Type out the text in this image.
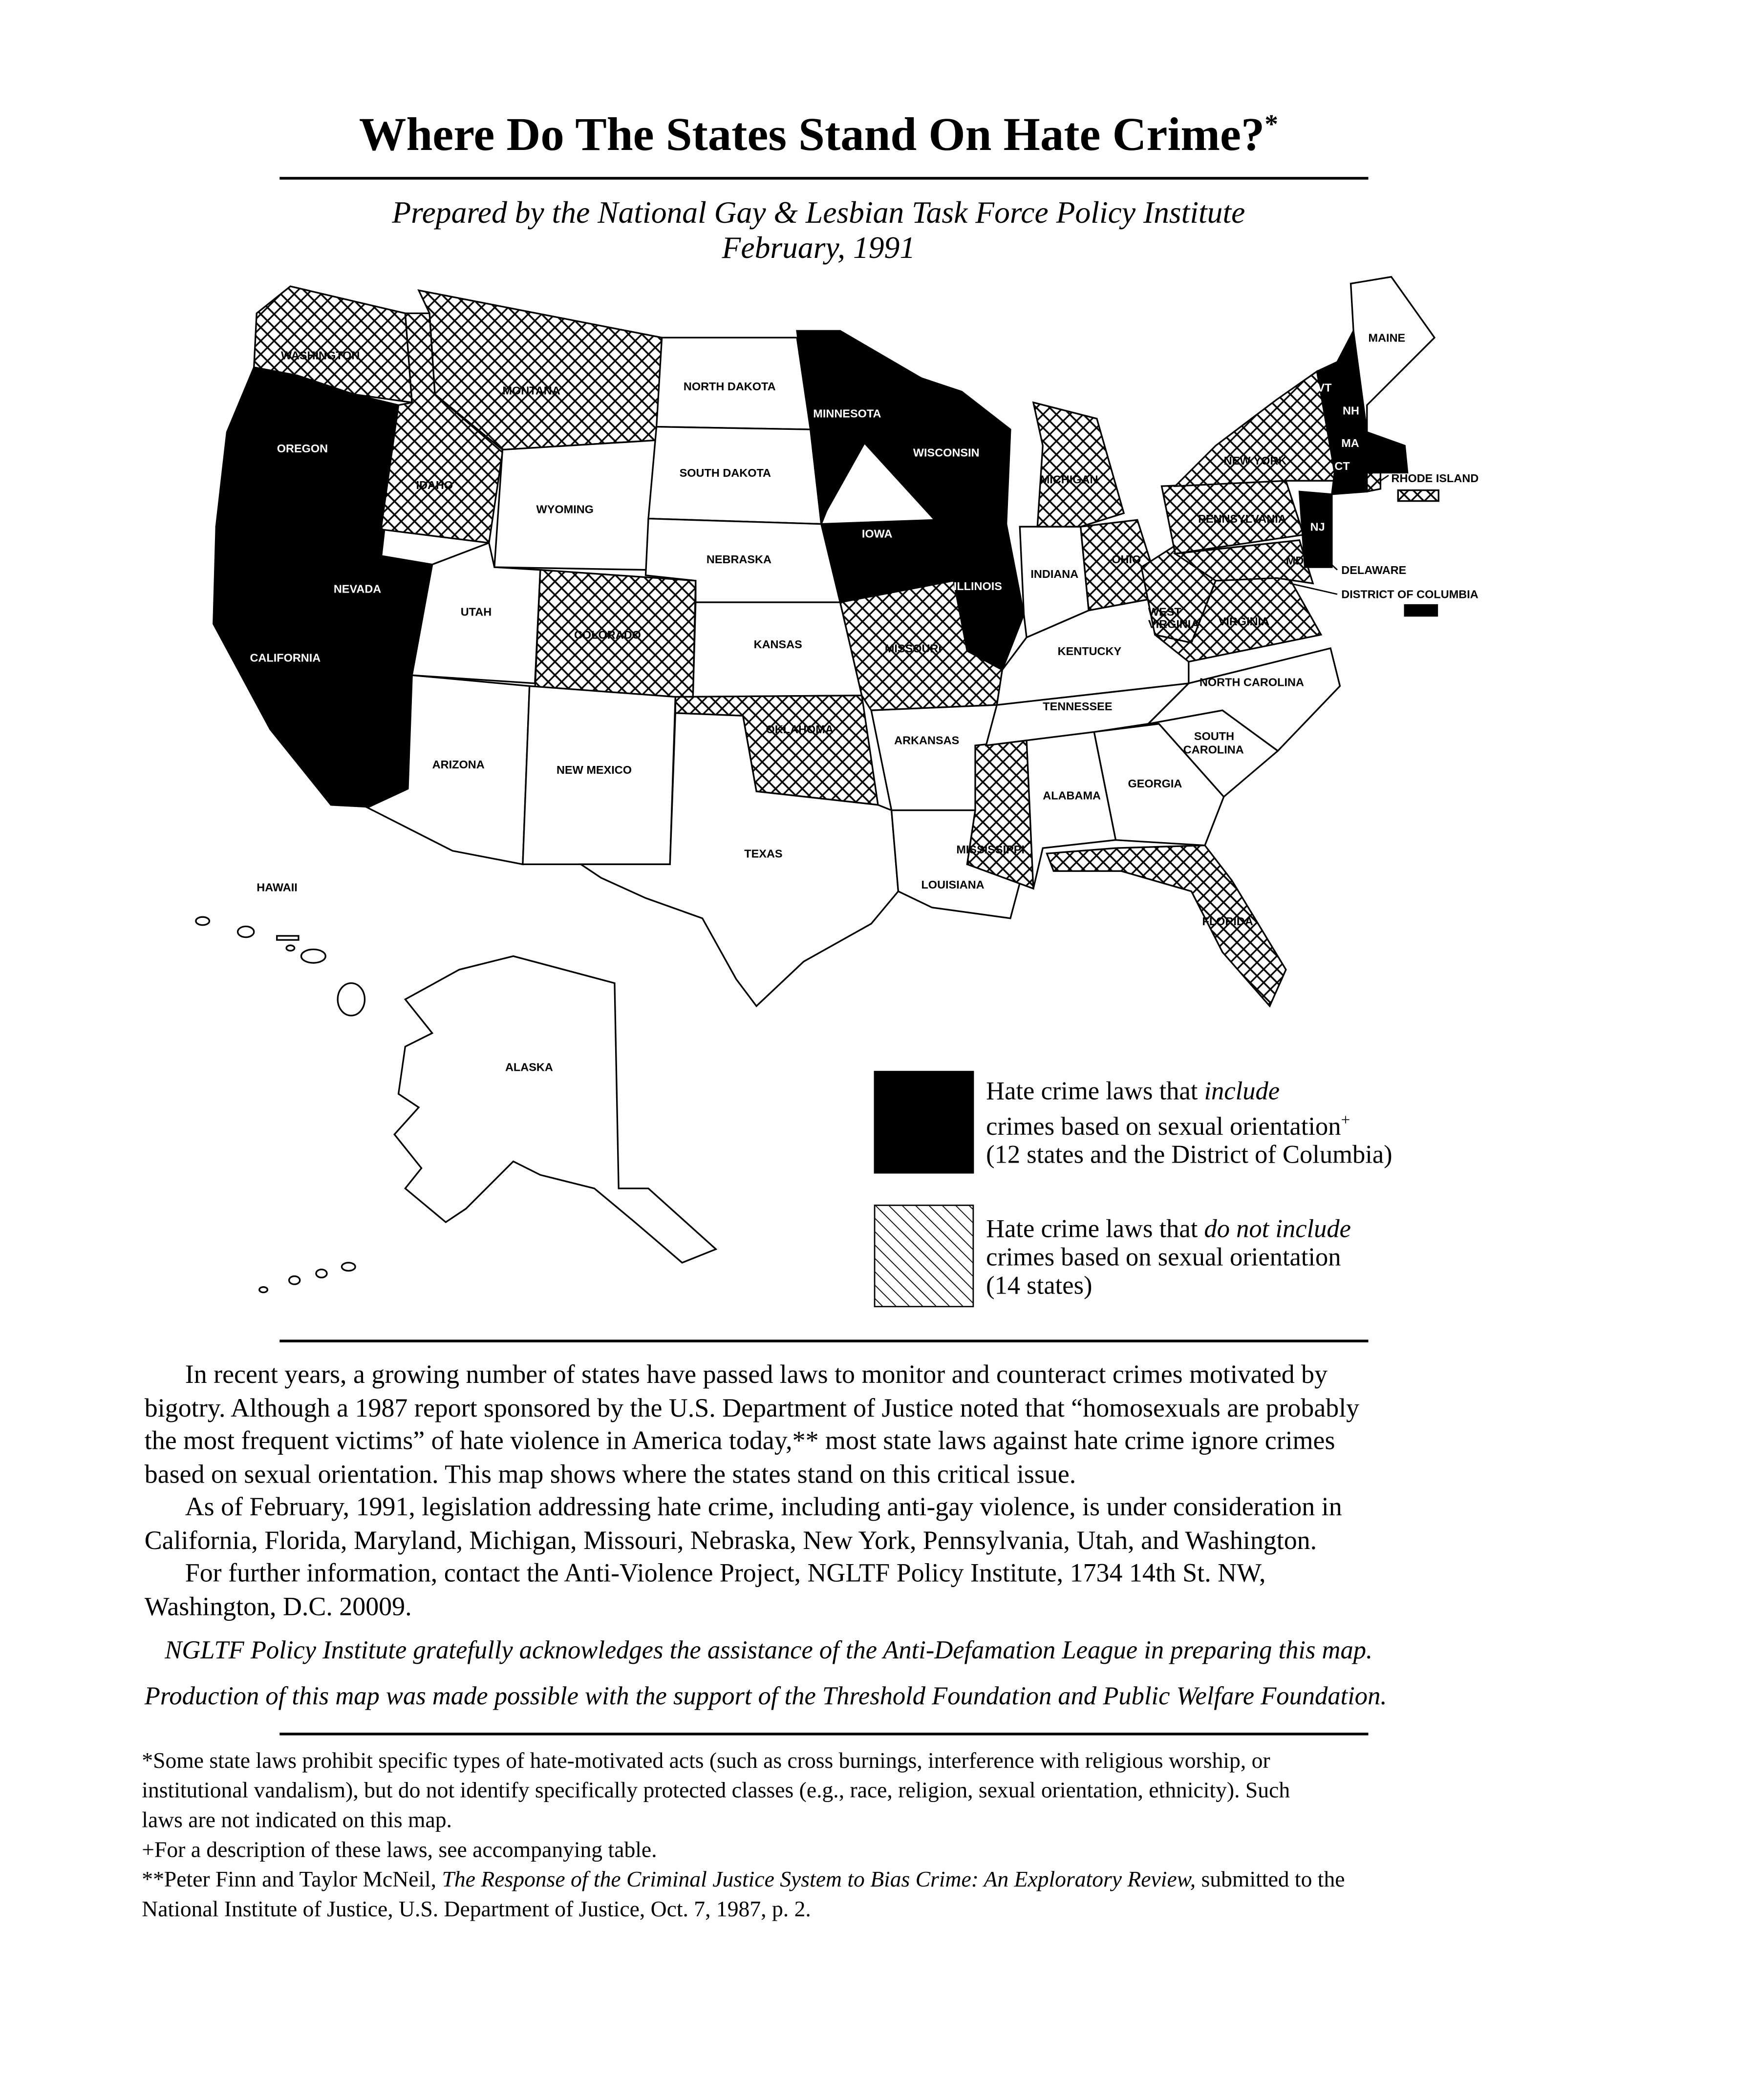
Where Do The States Stand On Hate Crime?*
Prepared by the National Gay & Lesbian Task Force Policy Institute
February, 1991
WASHINGTON
OREGON
CALIFORNIA
NEVADA
IDAHO
MONTANA
WYOMING
UTAH
COLORADO
ARIZONA	NEW MEXICO
NORTH DAKOTA
SOUTH DAKOTA
NEBRASKA
KANSAS
OKLAHOMA
TEXAS
MINNESOTA
IOWA
WISCONSIN
ILLINOIS
MISSOURI
ARKANSAS
LOUISIANA
MISSISSIPPI
ALABAMA
GEORGIA
FLORIDA
SOUTH
CAROLINA
NORTH CAROLINA
TENNESSEE
KENTUCKY
INDIANA
OHIO
MICHIGAN
WEST
VIRGINIA	VIRGINIA
PENNSYLVANIA
NEW YORK
MD
NJ
VT
NH
MA
CT
RHODE ISLAND
MAINE
ALASKA
HAWAII
DELAWARE
DISTRICT OF COLUMBIA
Hate crime laws that include
crimes based on sexual orientation+
(12 states and the District of Columbia)
Hate crime laws that do not include
crimes based on sexual orientation
(14 states)
In recent years, a growing number of states have passed laws to monitor and counteract crimes motivated by
bigotry. Although a 1987 report sponsored by the U.S. Department of Justice noted that “homosexuals are probably
the most frequent victims” of hate violence in America today,** most state laws against hate crime ignore crimes
based on sexual orientation. This map shows where the states stand on this critical issue.
As of February, 1991, legislation addressing hate crime, including anti-gay violence, is under consideration in
California, Florida, Maryland, Michigan, Missouri, Nebraska, New York, Pennsylvania, Utah, and Washington.
For further information, contact the Anti-Violence Project, NGLTF Policy Institute, 1734 14th St. NW,
Washington, D.C. 20009.
NGLTF Policy Institute gratefully acknowledges the assistance of the Anti-Defamation League in preparing this map.
Production of this map was made possible with the support of the Threshold Foundation and Public Welfare Foundation.
*Some state laws prohibit specific types of hate-motivated acts (such as cross burnings, interference with religious worship, or
institutional vandalism), but do not identify specifically protected classes (e.g., race, religion, sexual orientation, ethnicity). Such
laws are not indicated on this map.
+For a description of these laws, see accompanying table.
**Peter Finn and Taylor McNeil, The Response of the Criminal Justice System to Bias Crime: An Exploratory Review, submitted to the
National Institute of Justice, U.S. Department of Justice, Oct. 7, 1987, p. 2.
